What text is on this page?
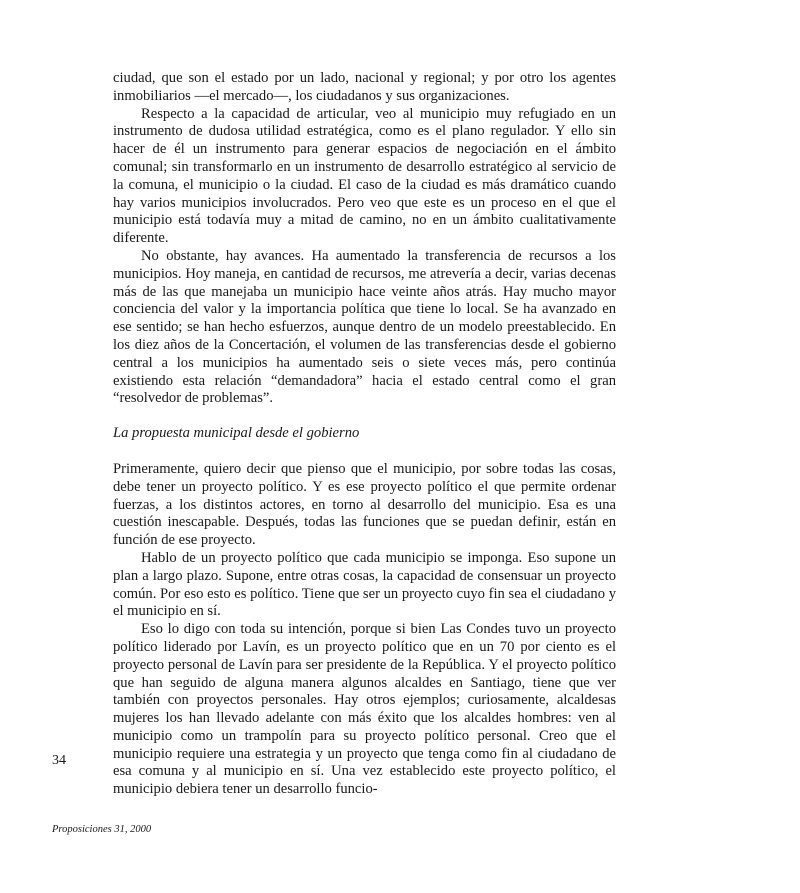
ciudad, que son el estado por un lado, nacional y regional; y por otro los agentes inmobiliarios —el mercado—, los ciudadanos y sus organizaciones.

Respecto a la capacidad de articular, veo al municipio muy refugiado en un instrumento de dudosa utilidad estratégica, como es el plano regulador. Y ello sin hacer de él un instrumento para generar espacios de negociación en el ámbito comunal; sin transformarlo en un instrumento de desarrollo estratégico al servicio de la comuna, el municipio o la ciudad. El caso de la ciudad es más dramático cuando hay varios municipios involucrados. Pero veo que este es un proceso en el que el municipio está todavía muy a mitad de camino, no en un ámbito cualitativamente diferente.

No obstante, hay avances. Ha aumentado la transferencia de recursos a los municipios. Hoy maneja, en cantidad de recursos, me atrevería a decir, varias decenas más de las que manejaba un municipio hace veinte años atrás. Hay mucho mayor conciencia del valor y la importancia política que tiene lo local. Se ha avanzado en ese sentido; se han hecho esfuerzos, aunque dentro de un modelo preestablecido. En los diez años de la Concertación, el volumen de las transferencias desde el gobierno central a los municipios ha aumentado seis o siete veces más, pero continúa existiendo esta relación “demandadora” hacia el estado central como el gran “resolvedor de problemas”.

La propuesta municipal desde el gobierno

Primeramente, quiero decir que pienso que el municipio, por sobre todas las cosas, debe tener un proyecto político. Y es ese proyecto político el que permite ordenar fuerzas, a los distintos actores, en torno al desarrollo del municipio. Esa es una cuestión inescapable. Después, todas las funciones que se puedan definir, están en función de ese proyecto.

Hablo de un proyecto político que cada municipio se imponga. Eso supone un plan a largo plazo. Supone, entre otras cosas, la capacidad de consensuar un proyecto común. Por eso esto es político. Tiene que ser un proyecto cuyo fin sea el ciudadano y el municipio en sí.

Eso lo digo con toda su intención, porque si bien Las Condes tuvo un proyecto político liderado por Lavín, es un proyecto político que en un 70 por ciento es el proyecto personal de Lavín para ser presidente de la República. Y el proyecto político que han seguido de alguna manera algunos alcaldes en Santiago, tiene que ver también con proyectos personales. Hay otros ejemplos; curiosamente, alcaldesas mujeres los han llevado adelante con más éxito que los alcaldes hombres: ven al municipio como un trampolín para su proyecto político personal. Creo que el municipio requiere una estrategia y un proyecto que tenga como fin al ciudadano de esa comuna y al municipio en sí. Una vez establecido este proyecto político, el municipio debiera tener un desarrollo funcio-

34
Proposiciones 31, 2000
